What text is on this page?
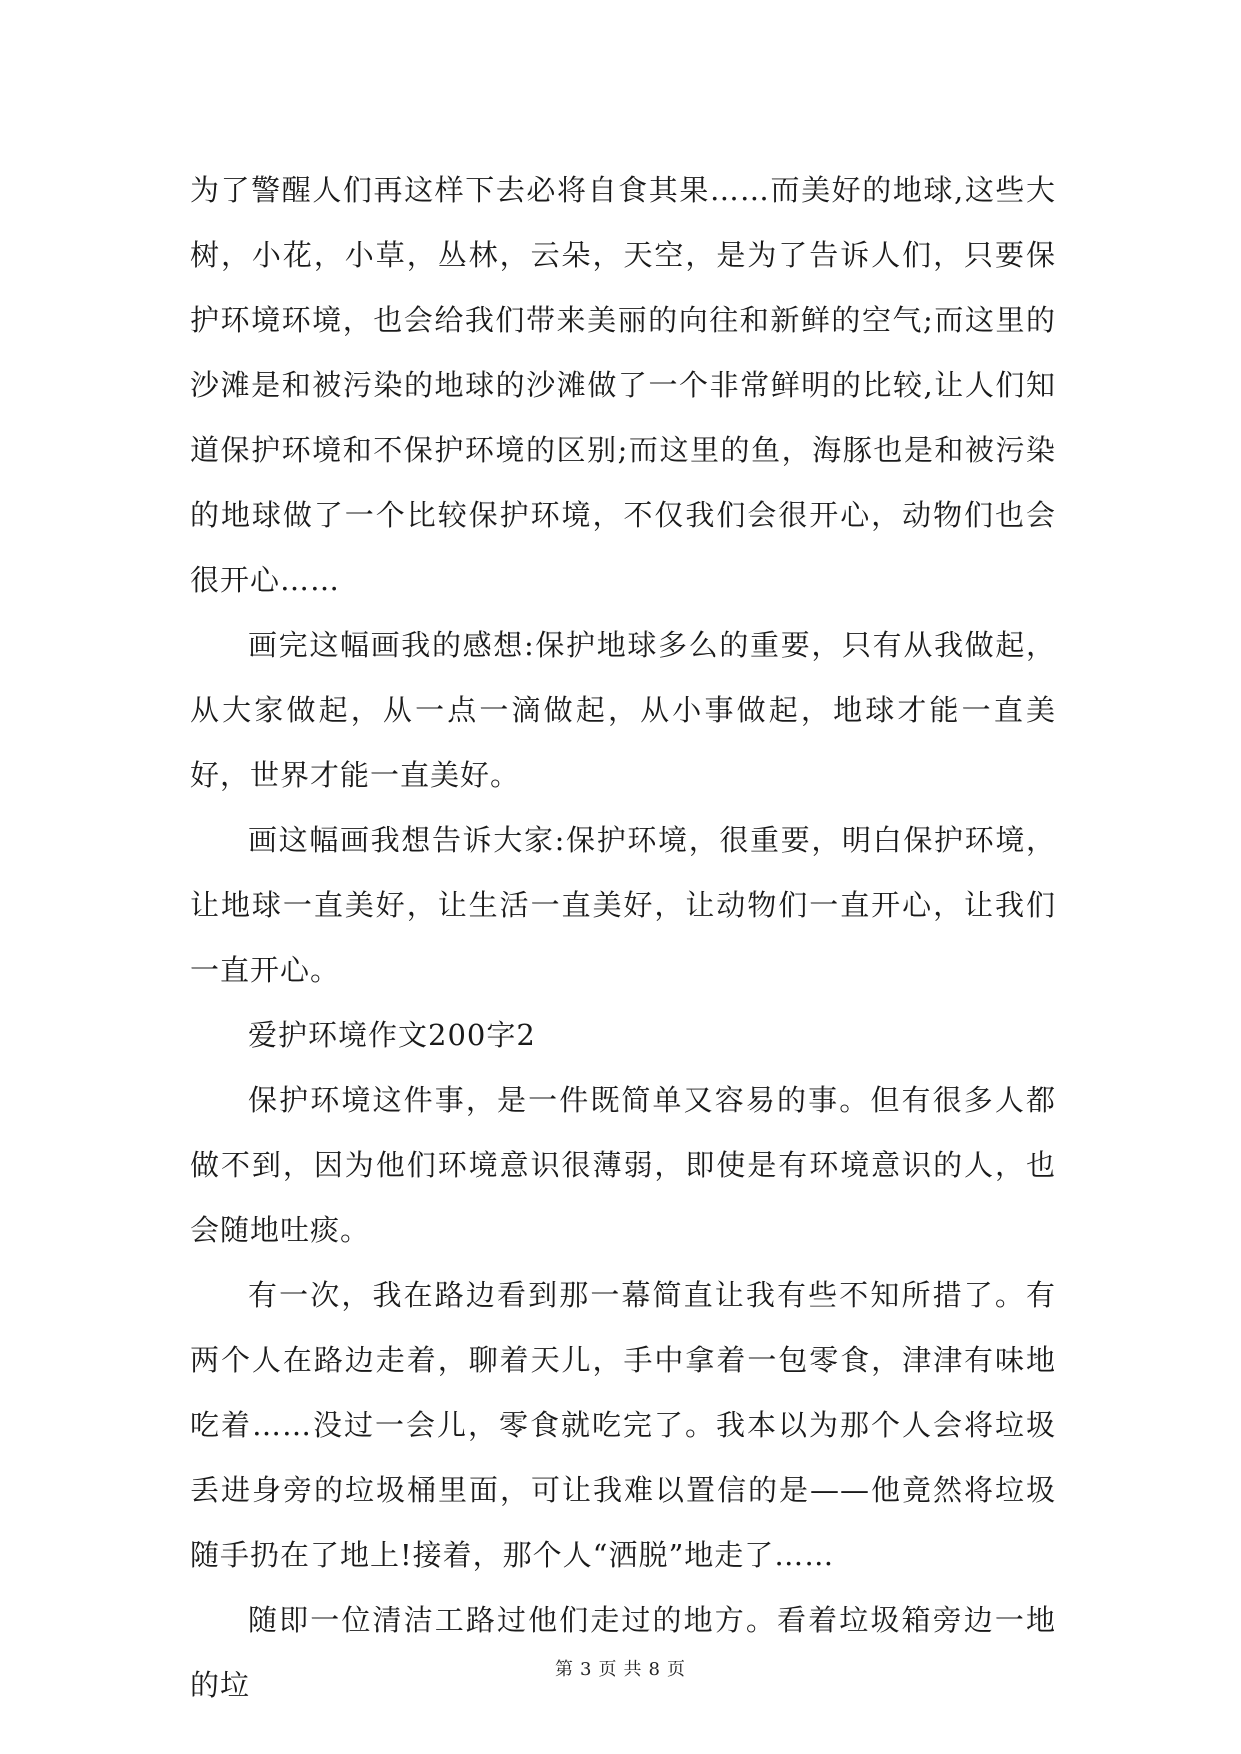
为了警醒人们再这样下去必将自食其果……而美好的地球,这些大树，小花，小草，丛林，云朵，天空，是为了告诉人们，只要保护环境环境，也会给我们带来美丽的向往和新鲜的空气;而这里的沙滩是和被污染的地球的沙滩做了一个非常鲜明的比较,让人们知道保护环境和不保护环境的区别;而这里的鱼，海豚也是和被污染的地球做了一个比较保护环境，不仅我们会很开心，动物们也会很开心……

画完这幅画我的感想:保护地球多么的重要，只有从我做起，从大家做起，从一点一滴做起，从小事做起，地球才能一直美好，世界才能一直美好。

画这幅画我想告诉大家:保护环境，很重要，明白保护环境，让地球一直美好，让生活一直美好，让动物们一直开心，让我们一直开心。

爱护环境作文200字2

保护环境这件事，是一件既简单又容易的事。但有很多人都做不到，因为他们环境意识很薄弱，即使是有环境意识的人，也会随地吐痰。

有一次，我在路边看到那一幕简直让我有些不知所措了。有两个人在路边走着，聊着天儿，手中拿着一包零食，津津有味地吃着……没过一会儿，零食就吃完了。我本以为那个人会将垃圾丢进身旁的垃圾桶里面，可让我难以置信的是——他竟然将垃圾随手扔在了地上!接着，那个人“洒脱”地走了……

随即一位清洁工路过他们走过的地方。看着垃圾箱旁边一地的垃	第 3 页 共 8 页
